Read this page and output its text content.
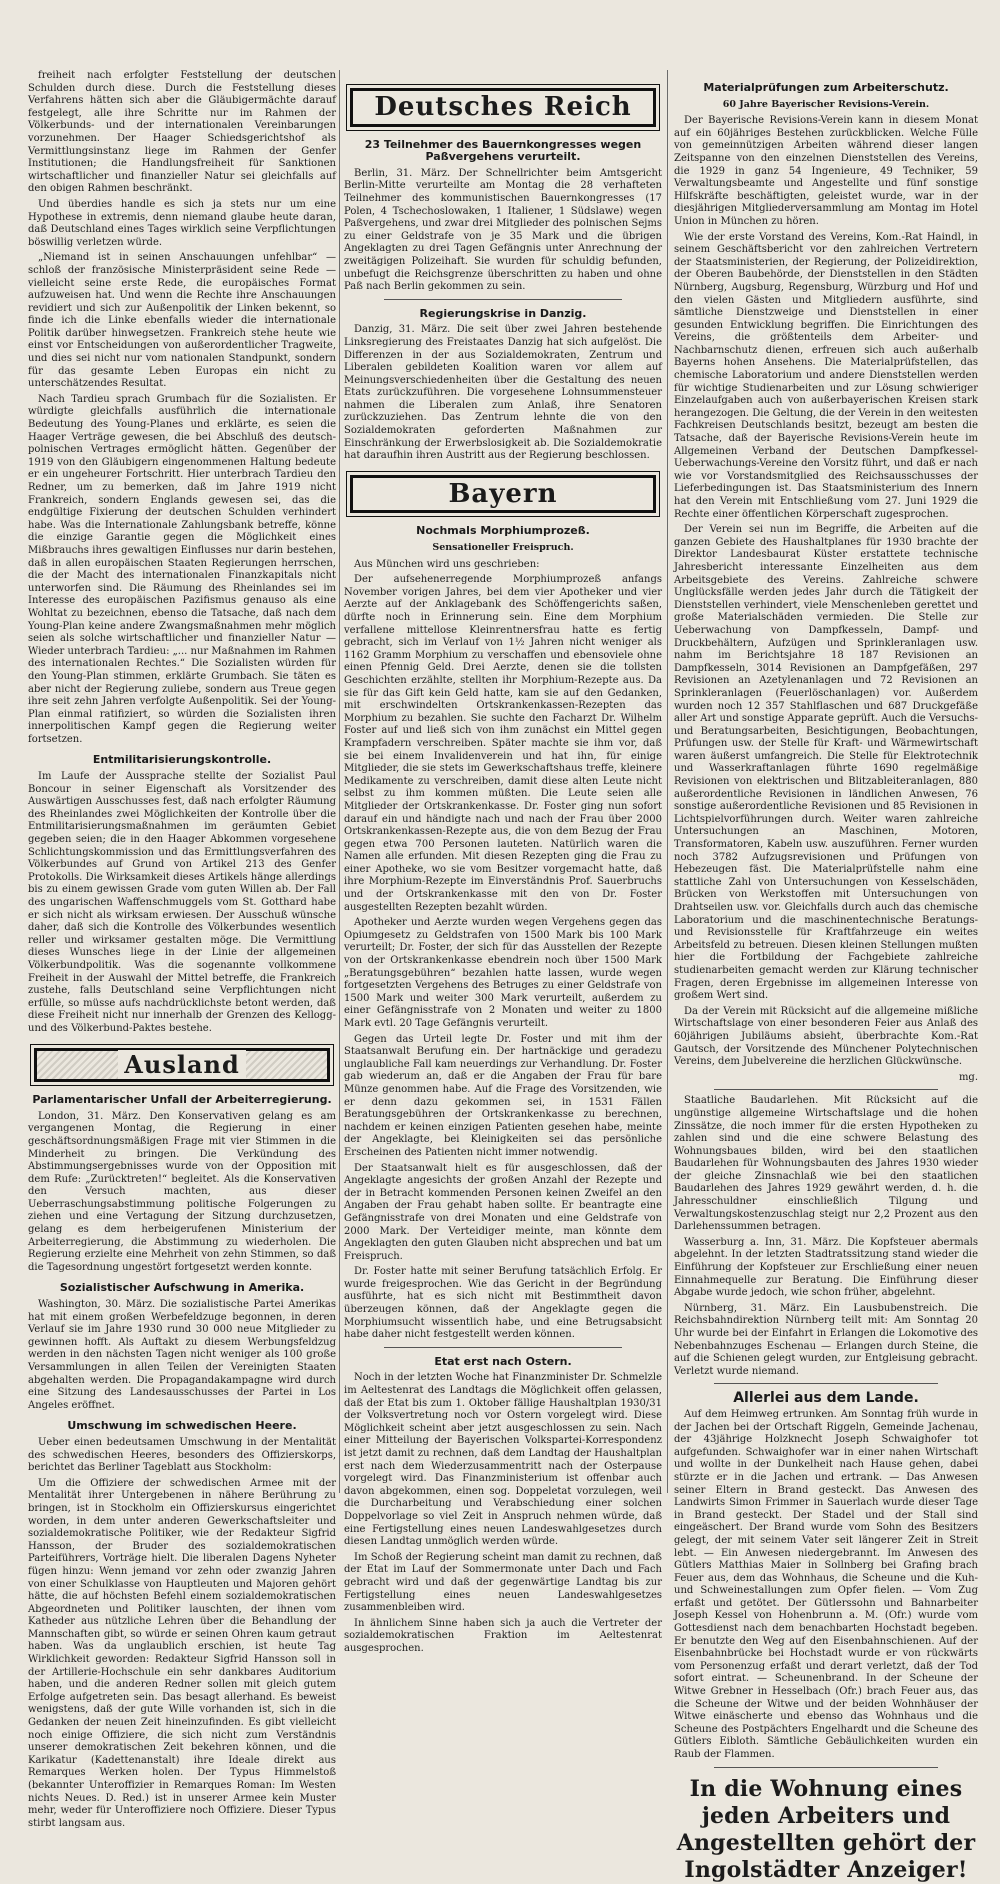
freiheit nach erfolgter Feststellung der deutschen Schulden durch diese. Durch die Feststellung dieses Verfahrens hätten sich aber die Gläubigermächte darauf festgelegt, alle ihre Schritte nur im Rahmen der Völkerbunds- und der internationalen Vereinbarungen vorzunehmen. Der Haager Schiedsgerichtshof als Vermittlungsinstanz liege im Rahmen der Genfer Institutionen; die Handlungsfreiheit für Sanktionen wirtschaftlicher und finanzieller Natur sei gleichfalls auf den obigen Rahmen beschränkt.

Und überdies handle es sich ja stets nur um eine Hypothese in extremis, denn niemand glaube heute daran, daß Deutschland eines Tages wirklich seine Verpflichtungen böswillig verletzen würde.

„Niemand ist in seinen Anschauungen unfehlbar“ — schloß der französische Ministerpräsident seine Rede — vielleicht seine erste Rede, die europäisches Format aufzuweisen hat. Und wenn die Rechte ihre Anschauungen revidiert und sich zur Außenpolitik der Linken bekennt, so finde ich die Linke ebenfalls wieder die internationale Politik darüber hinwegsetzen. Frankreich stehe heute wie einst vor Entscheidungen von außerordentlicher Tragweite, und dies sei nicht nur vom nationalen Standpunkt, sondern für das gesamte Leben Europas ein nicht zu unterschätzendes Resultat.

Nach Tardieu sprach Grumbach für die Sozialisten. Er würdigte gleichfalls ausführlich die internationale Bedeutung des Young-Planes und erklärte, es seien die Haager Verträge gewesen, die bei Abschluß des deutsch-polnischen Vertrages ermöglicht hätten. Gegenüber der 1919 von den Gläubigern eingenommenen Haltung bedeute er ein ungeheurer Fortschritt. Hier unterbrach Tardieu den Redner, um zu bemerken, daß im Jahre 1919 nicht Frankreich, sondern Englands gewesen sei, das die endgültige Fixierung der deutschen Schulden verhindert habe. Was die Internationale Zahlungsbank betreffe, könne die einzige Garantie gegen die Möglichkeit eines Mißbrauchs ihres gewaltigen Einflusses nur darin bestehen, daß in allen europäischen Staaten Regierungen herrschen, die der Macht des internationalen Finanzkapitals nicht unterworfen sind. Die Räumung des Rheinlandes sei im Interesse des europäischen Pazifismus genauso als eine Wohltat zu bezeichnen, ebenso die Tatsache, daß nach dem Young-Plan keine andere Zwangsmaßnahmen mehr möglich seien als solche wirtschaftlicher und finanzieller Natur — Wieder unterbrach Tardieu: „... nur Maßnahmen im Rahmen des internationalen Rechtes.“ Die Sozialisten würden für den Young-Plan stimmen, erklärte Grumbach. Sie täten es aber nicht der Regierung zuliebe, sondern aus Treue gegen ihre seit zehn Jahren verfolgte Außenpolitik. Sei der Young-Plan einmal ratifiziert, so würden die Sozialisten ihren innerpolitischen Kampf gegen die Regierung weiter fortsetzen.

Entmilitarisierungskontrolle.

Im Laufe der Aussprache stellte der Sozialist Paul Boncour in seiner Eigenschaft als Vorsitzender des Auswärtigen Ausschusses fest, daß nach erfolgter Räumung des Rheinlandes zwei Möglichkeiten der Kontrolle über die Entmilitarisierungsmaßnahmen im geräumten Gebiet gegeben seien; die in den Haager Abkommen vorgesehene Schlichtungskommission und das Ermittlungsverfahren des Völkerbundes auf Grund von Artikel 213 des Genfer Protokolls. Die Wirksamkeit dieses Artikels hänge allerdings bis zu einem gewissen Grade vom guten Willen ab. Der Fall des ungarischen Waffenschmuggels vom St. Gotthard habe er sich nicht als wirksam erwiesen. Der Ausschuß wünsche daher, daß sich die Kontrolle des Völkerbundes wesentlich reller und wirksamer gestalten möge. Die Vermittlung dieses Wunsches liege in der Linie der allgemeinen Völkerbundpolitik. Was die sogenannte vollkommene Freiheit in der Auswahl der Mittel betreffe, die Frankreich zustehe, falls Deutschland seine Verpflichtungen nicht erfülle, so müsse aufs nachdrücklichste betont werden, daß diese Freiheit nicht nur innerhalb der Grenzen des Kellogg- und des Völkerbund-Paktes bestehe.

Ausland
Parlamentarischer Unfall der Arbeiterregierung.

London, 31. März. Den Konservativen gelang es am vergangenen Montag, die Regierung in einer geschäftsordnungsmäßigen Frage mit vier Stimmen in die Minderheit zu bringen. Die Verkündung des Abstimmungsergebnisses wurde von der Opposition mit dem Rufe: „Zurücktreten!“ begleitet. Als die Konservativen den Versuch machten, aus dieser Ueberraschungsabstimmung politische Folgerungen zu ziehen und eine Vertagung der Sitzung durchzusetzen, gelang es dem herbeigerufenen Ministerium der Arbeiterregierung, die Abstimmung zu wiederholen. Die Regierung erzielte eine Mehrheit von zehn Stimmen, so daß die Tagesordnung ungestört fortgesetzt werden konnte.

Sozialistischer Aufschwung in Amerika.

Washington, 30. März. Die sozialistische Partei Amerikas hat mit einem großen Werbefeldzuge begonnen, in deren Verlauf sie im Jahre 1930 rund 30 000 neue Mitglieder zu gewinnen hofft. Als Auftakt zu diesem Werbungsfeldzug werden in den nächsten Tagen nicht weniger als 100 große Versammlungen in allen Teilen der Vereinigten Staaten abgehalten werden. Die Propagandakampagne wird durch eine Sitzung des Landesausschusses der Partei in Los Angeles eröffnet.

Umschwung im schwedischen Heere.

Ueber einen bedeutsamen Umschwung in der Mentalität des schwedischen Heeres, besonders des Offizierskorps, berichtet das Berliner Tageblatt aus Stockholm:

Um die Offiziere der schwedischen Armee mit der Mentalität ihrer Untergebenen in nähere Berührung zu bringen, ist in Stockholm ein Offizierskursus eingerichtet worden, in dem unter anderen Gewerkschaftsleiter und sozialdemokratische Politiker, wie der Redakteur Sigfrid Hansson, der Bruder des sozialdemokratischen Parteiführers, Vorträge hielt. Die liberalen Dagens Nyheter fügen hinzu: Wenn jemand vor zehn oder zwanzig Jahren von einer Schulklasse von Hauptleuten und Majoren gehört hätte, die auf höchsten Befehl einem sozialdemokratischen Abgeordneten und Politiker lauschten, der ihnen vom Katheder aus nützliche Lehren über die Behandlung der Mannschaften gibt, so würde er seinen Ohren kaum getraut haben. Was da unglaublich erschien, ist heute Tag Wirklichkeit geworden: Redakteur Sigfrid Hansson soll in der Artillerie-Hochschule ein sehr dankbares Auditorium haben, und die anderen Redner sollen mit gleich gutem Erfolge aufgetreten sein. Das besagt allerhand. Es beweist wenigstens, daß der gute Wille vorhanden ist, sich in die Gedanken der neuen Zeit hineinzufinden. Es gibt vielleicht noch einige Offiziere, die sich nicht zum Verständnis unserer demokratischen Zeit bekehren können, und die Karikatur (Kadettenanstalt) ihre Ideale direkt aus Remarques Werken holen. Der Typus Himmelstoß (bekannter Unteroffizier in Remarques Roman: Im Westen nichts Neues. D. Red.) ist in unserer Armee kein Muster mehr, weder für Unteroffiziere noch Offiziere. Dieser Typus stirbt langsam aus.

Deutsches Reich
23 Teilnehmer des Bauernkongresses wegen Paßvergehens verurteilt.

Berlin, 31. März. Der Schnellrichter beim Amtsgericht Berlin-Mitte verurteilte am Montag die 28 verhafteten Teilnehmer des kommunistischen Bauernkongresses (17 Polen, 4 Tschechoslowaken, 1 Italiener, 1 Südslawe) wegen Paßvergehens, und zwar drei Mitglieder des polnischen Sejms zu einer Geldstrafe von je 35 Mark und die übrigen Angeklagten zu drei Tagen Gefängnis unter Anrechnung der zweitägigen Polizeihaft. Sie wurden für schuldig befunden, unbefugt die Reichsgrenze überschritten zu haben und ohne Paß nach Berlin gekommen zu sein.

Regierungskrise in Danzig.

Danzig, 31. März. Die seit über zwei Jahren bestehende Linksregierung des Freistaates Danzig hat sich aufgelöst. Die Differenzen in der aus Sozialdemokraten, Zentrum und Liberalen gebildeten Koalition waren vor allem auf Meinungsverschiedenheiten über die Gestaltung des neuen Etats zurückzuführen. Die vorgesehene Lohnsummensteuer nahmen die Liberalen zum Anlaß, ihre Senatoren zurückzuziehen. Das Zentrum lehnte die von den Sozialdemokraten geforderten Maßnahmen zur Einschränkung der Erwerbslosigkeit ab. Die Sozialdemokratie hat daraufhin ihren Austritt aus der Regierung beschlossen.

Bayern
Nochmals Morphiumprozeß.
Sensationeller Freispruch.

Aus München wird uns geschrieben:

Der aufsehenerregende Morphiumprozeß anfangs November vorigen Jahres, bei dem vier Apotheker und vier Aerzte auf der Anklagebank des Schöffengerichts saßen, dürfte noch in Erinnerung sein. Eine dem Morphium verfallene mittellose Kleinrentnersfrau hatte es fertig gebracht, sich im Verlauf von 1½ Jahren nicht weniger als 1162 Gramm Morphium zu verschaffen und ebensoviele ohne einen Pfennig Geld. Drei Aerzte, denen sie die tollsten Geschichten erzählte, stellten ihr Morphium-Rezepte aus. Da sie für das Gift kein Geld hatte, kam sie auf den Gedanken, mit erschwindelten Ortskrankenkassen-Rezepten das Morphium zu bezahlen. Sie suchte den Facharzt Dr. Wilhelm Foster auf und ließ sich von ihm zunächst ein Mittel gegen Krampfadern verschreiben. Später machte sie ihm vor, daß sie bei einem Invalidenverein und hat ihn, für einige Mitglieder, die sie stets im Gewerkschaftshaus treffe, kleinere Medikamente zu verschreiben, damit diese alten Leute nicht selbst zu ihm kommen müßten. Die Leute seien alle Mitglieder der Ortskrankenkasse. Dr. Foster ging nun sofort darauf ein und händigte nach und nach der Frau über 2000 Ortskrankenkassen-Rezepte aus, die von dem Bezug der Frau gegen etwa 700 Personen lauteten. Natürlich waren die Namen alle erfunden. Mit diesen Rezepten ging die Frau zu einer Apotheke, wo sie vom Besitzer vorgemacht hatte, daß ihre Morphium-Rezepte im Einverständnis Prof. Sauerbruchs und der Ortskrankenkasse mit den von Dr. Foster ausgestellten Rezepten bezahlt würden.

Apotheker und Aerzte wurden wegen Vergehens gegen das Opiumgesetz zu Geldstrafen von 1500 Mark bis 100 Mark verurteilt; Dr. Foster, der sich für das Ausstellen der Rezepte von der Ortskrankenkasse ebendrein noch über 1500 Mark „Beratungsgebühren“ bezahlen hatte lassen, wurde wegen fortgesetzten Vergehens des Betruges zu einer Geldstrafe von 1500 Mark und weiter 300 Mark verurteilt, außerdem zu einer Gefängnisstrafe von 2 Monaten und weiter zu 1800 Mark evtl. 20 Tage Gefängnis verurteilt.

Gegen das Urteil legte Dr. Foster und mit ihm der Staatsanwalt Berufung ein. Der hartnäckige und geradezu unglaubliche Fall kam neuerdings zur Verhandlung. Dr. Foster gab wiederum an, daß er die Angaben der Frau für bare Münze genommen habe. Auf die Frage des Vorsitzenden, wie er denn dazu gekommen sei, in 1531 Fällen Beratungsgebühren der Ortskrankenkasse zu berechnen, nachdem er keinen einzigen Patienten gesehen habe, meinte der Angeklagte, bei Kleinigkeiten sei das persönliche Erscheinen des Patienten nicht immer notwendig.

Der Staatsanwalt hielt es für ausgeschlossen, daß der Angeklagte angesichts der großen Anzahl der Rezepte und der in Betracht kommenden Personen keinen Zweifel an den Angaben der Frau gehabt haben sollte. Er beantragte eine Gefängnisstrafe von drei Monaten und eine Geldstrafe von 2000 Mark. Der Verteidiger meinte, man könnte dem Angeklagten den guten Glauben nicht absprechen und bat um Freispruch.

Dr. Foster hatte mit seiner Berufung tatsächlich Erfolg. Er wurde freigesprochen. Wie das Gericht in der Begründung ausführte, hat es sich nicht mit Bestimmtheit davon überzeugen können, daß der Angeklagte gegen die Morphiumsucht wissentlich habe, und eine Betrugsabsicht habe daher nicht festgestellt werden können.

Etat erst nach Ostern.

Noch in der letzten Woche hat Finanzminister Dr. Schmelzle im Aeltestenrat des Landtags die Möglichkeit offen gelassen, daß der Etat bis zum 1. Oktober fällige Haushaltplan 1930/31 der Volksvertretung noch vor Ostern vorgelegt wird. Diese Möglichkeit scheint aber jetzt ausgeschlossen zu sein. Nach einer Mitteilung der Bayerischen Volkspartei-Korrespondenz ist jetzt damit zu rechnen, daß dem Landtag der Haushaltplan erst nach dem Wiederzusammentritt nach der Osterpause vorgelegt wird. Das Finanzministerium ist offenbar auch davon abgekommen, einen sog. Doppeletat vorzulegen, weil die Durcharbeitung und Verabschiedung einer solchen Doppelvorlage so viel Zeit in Anspruch nehmen würde, daß eine Fertigstellung eines neuen Landeswahlgesetzes durch diesen Landtag unmöglich werden würde.

Im Schoß der Regierung scheint man damit zu rechnen, daß der Etat im Lauf der Sommermonate unter Dach und Fach gebracht wird und daß der gegenwärtige Landtag bis zur Fertigstellung eines neuen Landeswahlgesetzes zusammenbleiben wird.

In ähnlichem Sinne haben sich ja auch die Vertreter der sozialdemokratischen Fraktion im Aeltestenrat ausgesprochen.

Materialprüfungen zum Arbeiterschutz.
60 Jahre Bayerischer Revisions-Verein.

Der Bayerische Revisions-Verein kann in diesem Monat auf ein 60jähriges Bestehen zurückblicken. Welche Fülle von gemeinnützigen Arbeiten während dieser langen Zeitspanne von den einzelnen Dienststellen des Vereins, die 1929 in ganz 54 Ingenieure, 49 Techniker, 59 Verwaltungsbeamte und Angestellte und fünf sonstige Hilfskräfte beschäftigten, geleistet wurde, war in der diesjährigen Mitgliederversammlung am Montag im Hotel Union in München zu hören.

Wie der erste Vorstand des Vereins, Kom.-Rat Haindl, in seinem Geschäftsbericht vor den zahlreichen Vertretern der Staatsministerien, der Regierung, der Polizeidirektion, der Oberen Baubehörde, der Dienststellen in den Städten Nürnberg, Augsburg, Regensburg, Würzburg und Hof und den vielen Gästen und Mitgliedern ausführte, sind sämtliche Dienstzweige und Dienststellen in einer gesunden Entwicklung begriffen. Die Einrichtungen des Vereins, die größtenteils dem Arbeiter- und Nachbarnschutz dienen, erfreuen sich auch außerhalb Bayerns hohen Ansehens. Die Materialprüfstellen, das chemische Laboratorium und andere Dienststellen werden für wichtige Studienarbeiten und zur Lösung schwieriger Einzelaufgaben auch von außerbayerischen Kreisen stark herangezogen. Die Geltung, die der Verein in den weitesten Fachkreisen Deutschlands besitzt, bezeugt am besten die Tatsache, daß der Bayerische Revisions-Verein heute im Allgemeinen Verband der Deutschen Dampfkessel-Ueberwachungs-Vereine den Vorsitz führt, und daß er nach wie vor Vorstandsmitglied des Reichsausschusses der Lieferbedingungen ist. Das Staatsministerium des Innern hat den Verein mit Entschließung vom 27. Juni 1929 die Rechte einer öffentlichen Körperschaft zugesprochen.

Der Verein sei nun im Begriffe, die Arbeiten auf die ganzen Gebiete des Haushaltplanes für 1930 brachte der Direktor Landesbaurat Küster erstattete technische Jahresbericht interessante Einzelheiten aus dem Arbeitsgebiete des Vereins. Zahlreiche schwere Unglücksfälle werden jedes Jahr durch die Tätigkeit der Dienststellen verhindert, viele Menschenleben gerettet und große Materialschäden vermieden. Die Stelle zur Ueberwachung von Dampfkesseln, Dampf- und Druckbehältern, Aufzügen und Sprinkleranlagen usw. nahm im Berichtsjahre 18 187 Revisionen an Dampfkesseln, 3014 Revisionen an Dampfgefäßen, 297 Revisionen an Azetylenanlagen und 72 Revisionen an Sprinkleranlagen (Feuerlöschanlagen) vor. Außerdem wurden noch 12 357 Stahlflaschen und 687 Druckgefäße aller Art und sonstige Apparate geprüft. Auch die Versuchs- und Beratungsarbeiten, Besichtigungen, Beobachtungen, Prüfungen usw. der Stelle für Kraft- und Wärmewirtschaft waren äußerst umfangreich. Die Stelle für Elektrotechnik und Wasserkraftanlagen führte 1690 regelmäßige Revisionen von elektrischen und Blitzableiteranlagen, 880 außerordentliche Revisionen in ländlichen Anwesen, 76 sonstige außerordentliche Revisionen und 85 Revisionen in Lichtspielvorführungen durch. Weiter waren zahlreiche Untersuchungen an Maschinen, Motoren, Transformatoren, Kabeln usw. auszuführen. Ferner wurden noch 3782 Aufzugsrevisionen und Prüfungen von Hebezeugen fäst. Die Materialprüfstelle nahm eine stattliche Zahl von Untersuchungen von Kesselschäden, Brücken von Werkstoffen mit Untersuchungen von Drahtseilen usw. vor. Gleichfalls durch auch das chemische Laboratorium und die maschinentechnische Beratungs- und Revisionsstelle für Kraftfahrzeuge ein weites Arbeitsfeld zu betreuen. Diesen kleinen Stellungen mußten hier die Fortbildung der Fachgebiete zahlreiche studienarbeiten gemacht werden zur Klärung technischer Fragen, deren Ergebnisse im allgemeinen Interesse von großem Wert sind.

Da der Verein mit Rücksicht auf die allgemeine mißliche Wirtschaftslage von einer besonderen Feier aus Anlaß des 60jährigen Jubiläums absieht, überbrachte Kom.-Rat Gautsch, der Vorsitzende des Münchener Polytechnischen Vereins, dem Jubelvereine die herzlichen Glückwünsche.

mg.

Staatliche Baudarlehen. Mit Rücksicht auf die ungünstige allgemeine Wirtschaftslage und die hohen Zinssätze, die noch immer für die ersten Hypotheken zu zahlen sind und die eine schwere Belastung des Wohnungsbaues bilden, wird bei den staatlichen Baudarlehen für Wohnungsbauten des Jahres 1930 wieder der gleiche Zinsnachlaß wie bei den staatlichen Baudarlehen des Jahres 1929 gewährt werden, d. h. die Jahresschuldner einschließlich Tilgung und Verwaltungskostenzuschlag steigt nur 2,2 Prozent aus den Darlehenssummen betragen.

Wasserburg a. Inn, 31. März. Die Kopfsteuer abermals abgelehnt. In der letzten Stadtratssitzung stand wieder die Einführung der Kopfsteuer zur Erschließung einer neuen Einnahmequelle zur Beratung. Die Einführung dieser Abgabe wurde jedoch, wie schon früher, abgelehnt.

Nürnberg, 31. März. Ein Lausbubenstreich. Die Reichsbahndirektion Nürnberg teilt mit: Am Sonntag 20 Uhr wurde bei der Einfahrt in Erlangen die Lokomotive des Nebenbahnzuges Eschenau — Erlangen durch Steine, die auf die Schienen gelegt wurden, zur Entgleisung gebracht. Verletzt wurde niemand.

Allerlei aus dem Lande.

Auf dem Heimweg ertrunken. Am Sonntag früh wurde in der Jachen bei der Ortschaft Riggeln, Gemeinde Jachenau, der 43jährige Holzknecht Joseph Schwaighofer tot aufgefunden. Schwaighofer war in einer nahen Wirtschaft und wollte in der Dunkelheit nach Hause gehen, dabei stürzte er in die Jachen und ertrank. — Das Anwesen seiner Eltern in Brand gesteckt. Das Anwesen des Landwirts Simon Frimmer in Sauerlach wurde dieser Tage in Brand gesteckt. Der Stadel und der Stall sind eingeäschert. Der Brand wurde vom Sohn des Besitzers gelegt, der mit seinem Vater seit längerer Zeit in Streit lebt. — Ein Anwesen niedergebrannt. Im Anwesen des Gütlers Matthias Maier in Sollnberg bei Grafing brach Feuer aus, dem das Wohnhaus, die Scheune und die Kuh- und Schweinestallungen zum Opfer fielen. — Vom Zug erfaßt und getötet. Der Gütlerssohn und Bahnarbeiter Joseph Kessel von Hohenbrunn a. M. (Ofr.) wurde vom Gottesdienst nach dem benachbarten Hochstadt begeben. Er benutzte den Weg auf den Eisenbahnschienen. Auf der Eisenbahnbrücke bei Hochstadt wurde er von rückwärts vom Personenzug erfaßt und derart verletzt, daß der Tod sofort eintrat. — Scheunenbrand. In der Scheune der Witwe Grebner in Hesselbach (Ofr.) brach Feuer aus, das die Scheune der Witwe und der beiden Wohnhäuser der Witwe einäscherte und ebenso das Wohnhaus und die Scheune des Postpächters Engelhardt und die Scheune des Gütlers Eibloth. Sämtliche Gebäulichkeiten wurden ein Raub der Flammen.

In die Wohnung eines jeden Arbeiters und Angestellten gehört der Ingolstädter Anzeiger!
